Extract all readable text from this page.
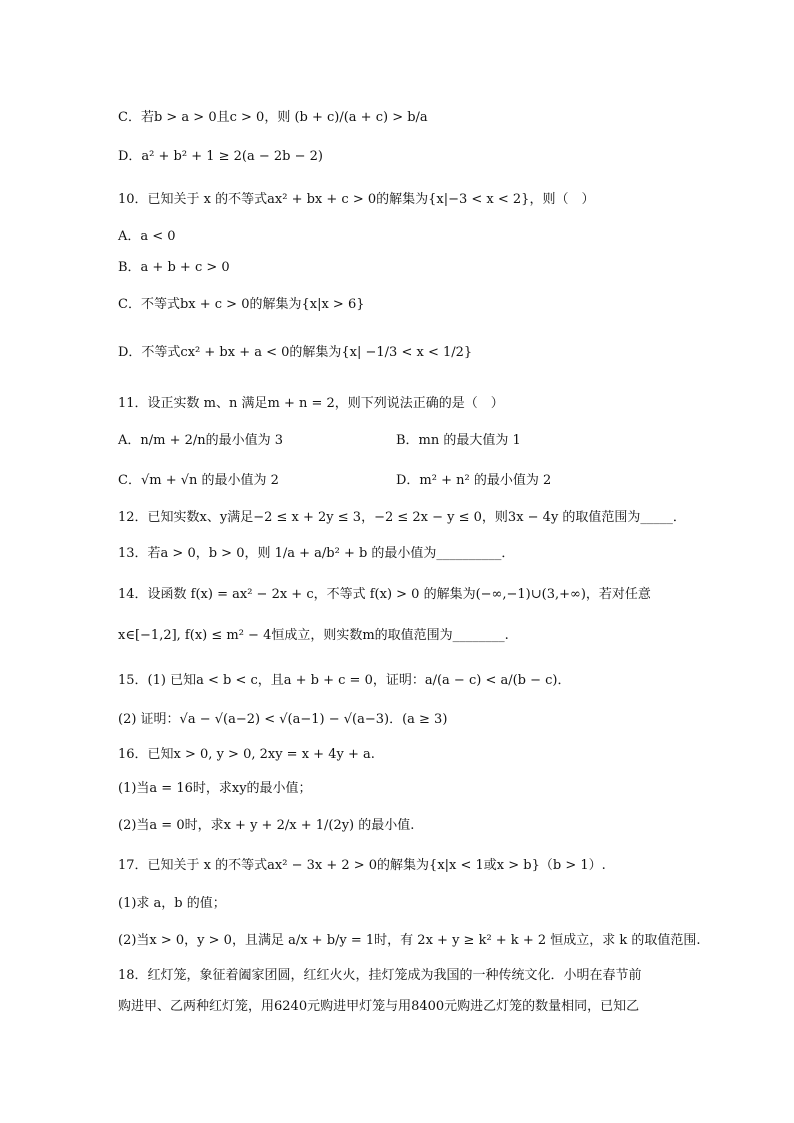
C．若b > a > 0且c > 0，则 (b + c)/(a + c) > b/a
D．a² + b² + 1 ≥ 2(a − 2b − 2)
10．已知关于 x 的不等式ax² + bx + c > 0的解集为{x|−3 < x < 2}，则（　）
A．a < 0
B．a + b + c > 0
C．不等式bx + c > 0的解集为{x|x > 6}
D．不等式cx² + bx + a < 0的解集为{x| −1/3 < x < 1/2}
11．设正实数 m、n 满足m + n = 2，则下列说法正确的是（　）
A．n/m + 2/n的最小值为 3	B．mn 的最大值为 1
C．√m + √n 的最小值为 2	D．m² + n² 的最小值为 2
12．已知实数x、y满足−2 ≤ x + 2y ≤ 3，−2 ≤ 2x − y ≤ 0，则3x − 4y 的取值范围为_____．
13．若a > 0，b > 0，则 1/a + a/b² + b 的最小值为__________．
14．设函数 f(x) = ax² − 2x + c，不等式 f(x) > 0 的解集为(−∞,−1)∪(3,+∞)，若对任意
x∈[−1,2], f(x) ≤ m² − 4恒成立，则实数m的取值范围为________.
15．(1) 已知a < b < c，且a + b + c = 0，证明：a/(a − c) < a/(b − c)．
(2) 证明：√a − √(a−2) < √(a−1) − √(a−3)．(a ≥ 3)
16．已知x > 0, y > 0, 2xy = x + 4y + a.
(1)当a = 16时，求xy的最小值；
(2)当a = 0时，求x + y + 2/x + 1/(2y) 的最小值.
17．已知关于 x 的不等式ax² − 3x + 2 > 0的解集为{x|x < 1或x > b}（b > 1）.
(1)求 a，b 的值；
(2)当x > 0，y > 0，且满足 a/x + b/y = 1时，有 2x + y ≥ k² + k + 2 恒成立，求 k 的取值范围.
18．红灯笼，象征着阖家团圆，红红火火，挂灯笼成为我国的一种传统文化．小明在春节前
购进甲、乙两种红灯笼，用6240元购进甲灯笼与用8400元购进乙灯笼的数量相同，已知乙
